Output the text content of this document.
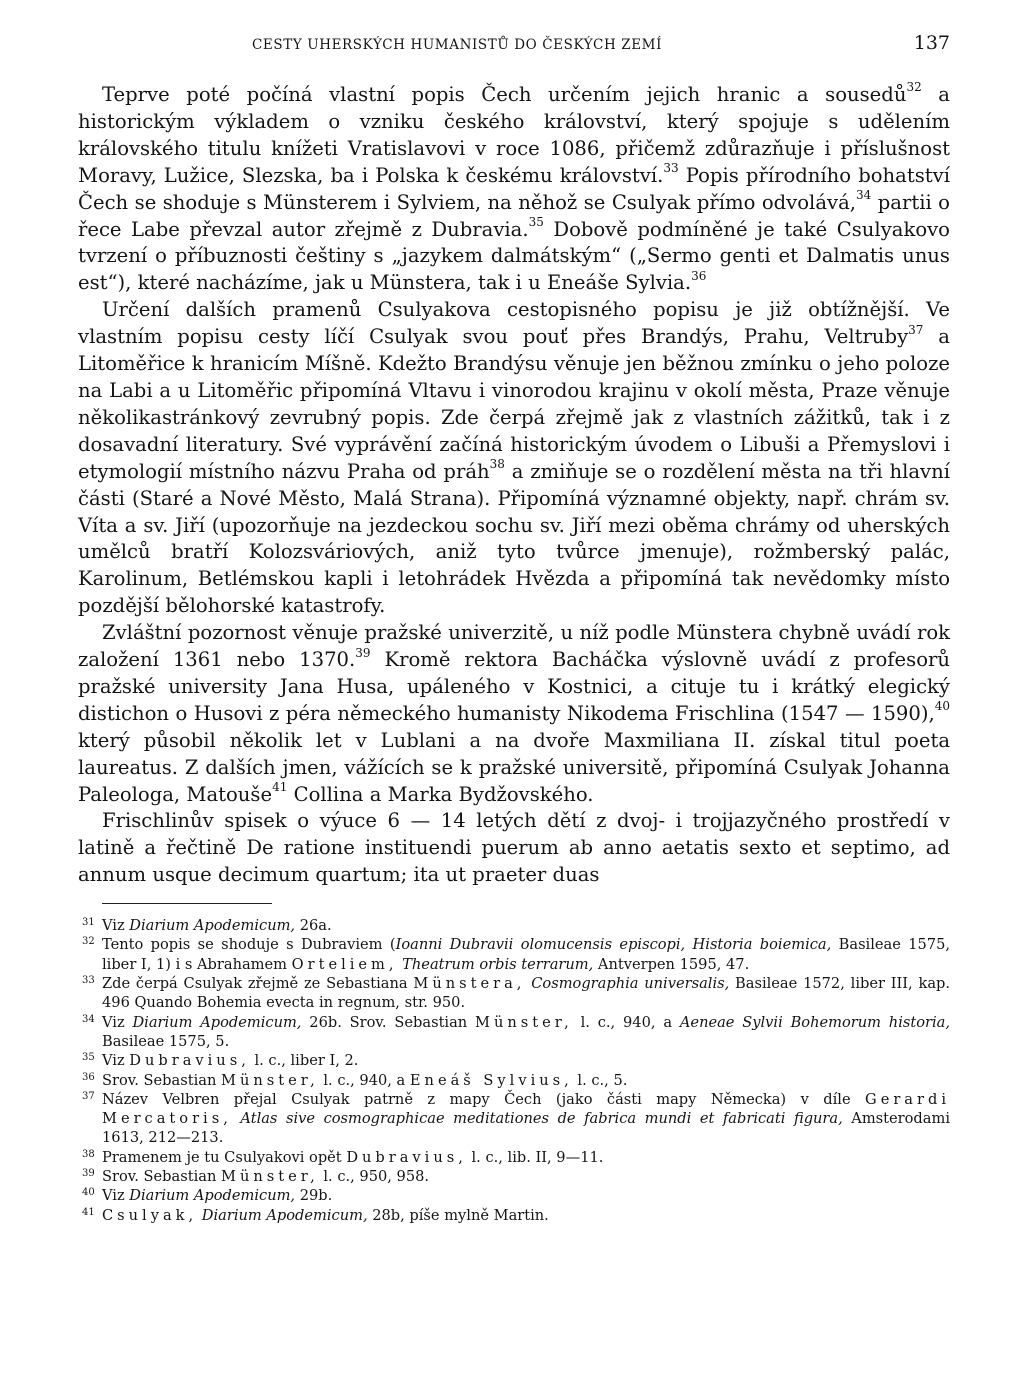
CESTY UHERSKÝCH HUMANISTŮ DO ČESKÝCH ZEMÍ	137

Teprve poté počíná vlastní popis Čech určením jejich hranic a sousedů$^{32}$ a historickým výkladem o vzniku českého království, který spojuje s udělením královského titulu knížeti Vratislavovi v roce 1086, přičemž zdůrazňuje i příslušnost Moravy, Lužice, Slezska, ba i Polska k českému království.$^{33}$ Popis přírodního bohatství Čech se shoduje s Münsterem i Sylviem, na něhož se Csulyak přímo odvolává,$^{34}$ partii o řece Labe převzal autor zřejmě z Dubravia.$^{35}$ Dobově podmíněné je také Csulyakovo tvrzení o příbuznosti češtiny s „jazykem dalmátským“ („Sermo genti et Dalmatis unus est“), které nacházíme, jak u Münstera, tak i u Eneáše Sylvia.$^{36}$

Určení dalších pramenů Csulyakova cestopisného popisu je již obtížnější. Ve vlastním popisu cesty líčí Csulyak svou pouť přes Brandýs, Prahu, Veltruby$^{37}$ a Litoměřice k hranicím Míšně. Kdežto Brandýsu věnuje jen běžnou zmínku o jeho poloze na Labi a u Litoměřic připomíná Vltavu i vinorodou krajinu v okolí města, Praze věnuje několikastránkový zevrubný popis. Zde čerpá zřejmě jak z vlastních zážitků, tak i z dosavadní literatury. Své vyprávění začíná historickým úvodem o Libuši a Přemyslovi i etymologií místního názvu Praha od práh$^{38}$ a zmiňuje se o rozdělení města na tři hlavní části (Staré a Nové Město, Malá Strana). Připomíná významné objekty, např. chrám sv. Víta a sv. Jiří (upozorňuje na jezdeckou sochu sv. Jiří mezi oběma chrámy od uherských umělců bratří Kolozsváriových, aniž tyto tvůrce jmenuje), rožmberský palác, Karolinum, Betlémskou kapli i letohrádek Hvězda a připomíná tak nevědomky místo pozdější bělohorské katastrofy.

Zvláštní pozornost věnuje pražské univerzitě, u níž podle Münstera chybně uvádí rok založení 1361 nebo 1370.39 Kromě rektora Bacháčka výslovně uvádí z profesorů pražské university Jana Husa, upáleného v Kostnici, a cituje tu i krátký elegický distichon o Husovi z péra německého humanisty Nikodema Frischlina (1547 — 1590),$^{40}$ který působil několik let v Lublani a na dvoře Maxmiliana II. získal titul poeta laureatus. Z dalších jmen, vážících se k pražské universitě, připomíná Csulyak Johanna Paleologa, Matouše$^{41}$ Collina a Marka Bydžovského.

Frischlinův spisek o výuce 6 — 14 letých dětí z dvoj- i trojjazyčného prostředí v latině a řečtině De ratione instituendi puerum ab anno aetatis sexto et septimo, ad annum usque decimum quartum; ita ut praeter duas

31 Viz Diarium Apodemicum, 26a.
32 Tento popis se shoduje s Dubraviem (Ioanni Dubravii olomucensis episcopi, Historia boiemica, Basileae 1575, liber I, 1) i s Abrahamem Orteliem, Theatrum orbis terrarum, Antverpen 1595, 47.
33 Zde čerpá Csulyak zřejmě ze Sebastiana Münstera, Cosmographia universalis, Basileae 1572, liber III, kap. 496 Quando Bohemia evecta in regnum, str. 950.
34 Viz Diarium Apodemicum, 26b. Srov. Sebastian Münster, l. c., 940, a Aeneae Sylvii Bohemorum historia, Basileae 1575, 5.
35 Viz Dubravius, l. c., liber I, 2.
36 Srov. Sebastian Münster, l. c., 940, a Eneáš Sylvius, l. c., 5.
37 Název Velbren přejal Csulyak patrně z mapy Čech (jako části mapy Německa) v díle Gerardi Mercatoris, Atlas sive cosmographicae meditationes de fabrica mundi et fabricati figura, Amsterodami 1613, 212—213.
38 Pramenem je tu Csulyakovi opět Dubravius, l. c., lib. II, 9—11.
39 Srov. Sebastian Münster, l. c., 950, 958.
40 Viz Diarium Apodemicum, 29b.
41 Csulyak, Diarium Apodemicum, 28b, píše mylně Martin.
